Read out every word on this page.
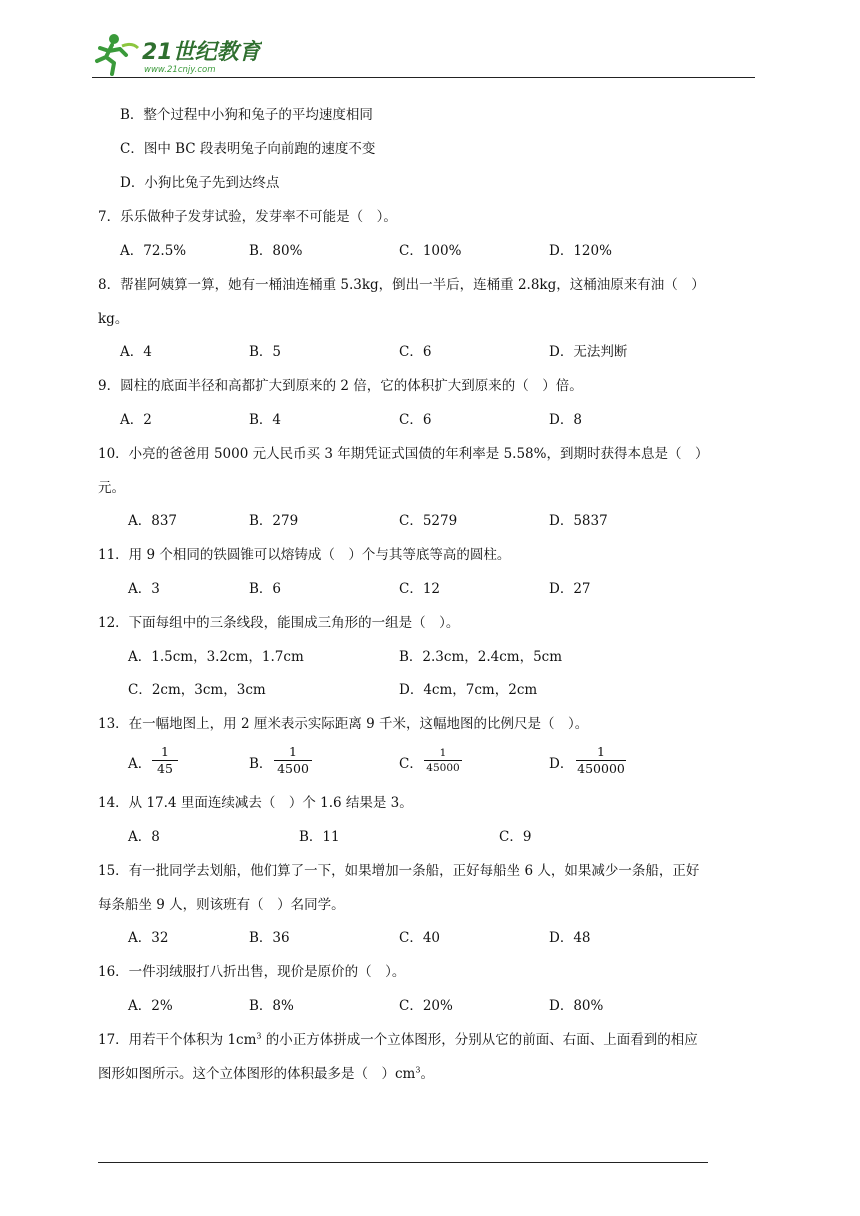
21世纪教育
www.21cnjy.com
B．整个过程中小狗和兔子的平均速度相同
C．图中 BC 段表明兔子向前跑的速度不变
D．小狗比兔子先到达终点
7．乐乐做种子发芽试验，发芽率不可能是（　）。
A．72.5%	B．80%	C．100%	D．120%
8．帮崔阿姨算一算，她有一桶油连桶重 5.3kg，倒出一半后，连桶重 2.8kg，这桶油原来有油（　）
kg。
A．4	B．5	C．6	D．无法判断
9．圆柱的底面半径和高都扩大到原来的 2 倍，它的体积扩大到原来的（　）倍。
A．2	B．4	C．6	D．8
10．小亮的爸爸用 5000 元人民币买 3 年期凭证式国债的年利率是 5.58%，到期时获得本息是（　）
元。
A．837	B．279	C．5279	D．5837
11．用 9 个相同的铁圆锥可以熔铸成（　）个与其等底等高的圆柱。
A．3	B．6	C．12	D．27
12．下面每组中的三条线段，能围成三角形的一组是（　）。
A．1.5cm，3.2cm，1.7cm	B．2.3cm，2.4cm，5cm
C．2cm，3cm，3cm	D．4cm，7cm，2cm
13．在一幅地图上，用 2 厘米表示实际距离 9 千米，这幅地图的比例尺是（　）。
A．
1
45	B．
1
4500	C．
1
45000	D．
1
450000
14．从 17.4 里面连续减去（　）个 1.6 结果是 3。
A．8	B．11	C．9
15．有一批同学去划船，他们算了一下，如果增加一条船，正好每船坐 6 人，如果减少一条船，正好
每条船坐 9 人，则该班有（　）名同学。
A．32	B．36	C．40	D．48
16．一件羽绒服打八折出售，现价是原价的（　）。
A．2%	B．8%	C．20%	D．80%
17．用若干个体积为 $1cm^3$ 的小正方体拼成一个立体图形，分别从它的前面、右面、上面看到的相应
图形如图所示。这个立体图形的体积最多是（　）$cm^3$。
